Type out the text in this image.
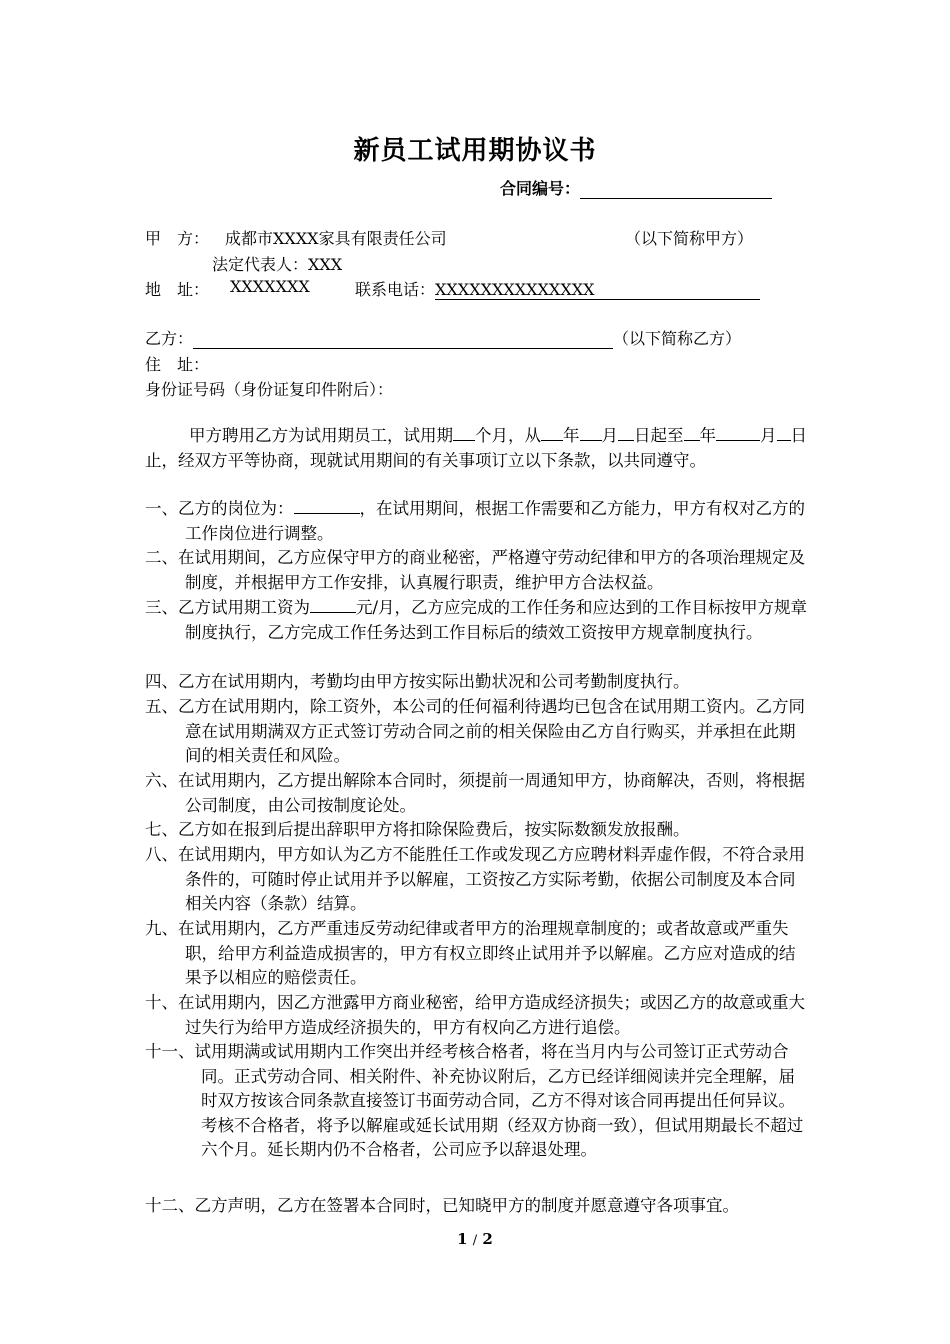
新员工试用期协议书
合同编号：
甲　方： 成都市XXXX家具有限责任公司	（以下简称甲方）
法定代表人：XXX
地　址： XXXXXXX	联系电话：XXXXXXXXXXXXXX
乙方：	（以下简称乙方）
住　址：
身份证号码（身份证复印件附后）：
甲方聘用乙方为试用期员工，试用期 个月，从 年 月 日起至 年	月 日止，经双方平等协商，现就试用期间的有关事项订立以下条款，以共同遵守。
一、乙方的岗位为：	，在试用期间，根据工作需要和乙方能力，甲方有权对乙方的工作岗位进行调整。
二、在试用期间，乙方应保守甲方的商业秘密，严格遵守劳动纪律和甲方的各项治理规定及制度，并根据甲方工作安排，认真履行职责，维护甲方合法权益。
三、乙方试用期工资为	元/月，乙方应完成的工作任务和应达到的工作目标按甲方规章制度执行，乙方完成工作任务达到工作目标后的绩效工资按甲方规章制度执行。
四、乙方在试用期内，考勤均由甲方按实际出勤状况和公司考勤制度执行。
五、乙方在试用期内，除工资外，本公司的任何福利待遇均已包含在试用期工资内。乙方同意在试用期满双方正式签订劳动合同之前的相关保险由乙方自行购买，并承担在此期间的相关责任和风险。
六、在试用期内，乙方提出解除本合同时，须提前一周通知甲方，协商解决，否则，将根据公司制度，由公司按制度论处。
七、乙方如在报到后提出辞职甲方将扣除保险费后，按实际数额发放报酬。
八、在试用期内，甲方如认为乙方不能胜任工作或发现乙方应聘材料弄虚作假，不符合录用条件的，可随时停止试用并予以解雇，工资按乙方实际考勤，依据公司制度及本合同相关内容（条款）结算。
九、在试用期内，乙方严重违反劳动纪律或者甲方的治理规章制度的；或者故意或严重失职，给甲方利益造成损害的，甲方有权立即终止试用并予以解雇。乙方应对造成的结果予以相应的赔偿责任。
十、在试用期内，因乙方泄露甲方商业秘密，给甲方造成经济损失；或因乙方的故意或重大过失行为给甲方造成经济损失的，甲方有权向乙方进行追偿。
十一、试用期满或试用期内工作突出并经考核合格者，将在当月内与公司签订正式劳动合同。正式劳动合同、相关附件、补充协议附后，乙方已经详细阅读并完全理解，届时双方按该合同条款直接签订书面劳动合同，乙方不得对该合同再提出任何异议。考核不合格者，将予以解雇或延长试用期（经双方协商一致），但试用期最长不超过六个月。延长期内仍不合格者，公司应予以辞退处理。
十二、乙方声明，乙方在签署本合同时，已知晓甲方的制度并愿意遵守各项事宜。
1 / 2
